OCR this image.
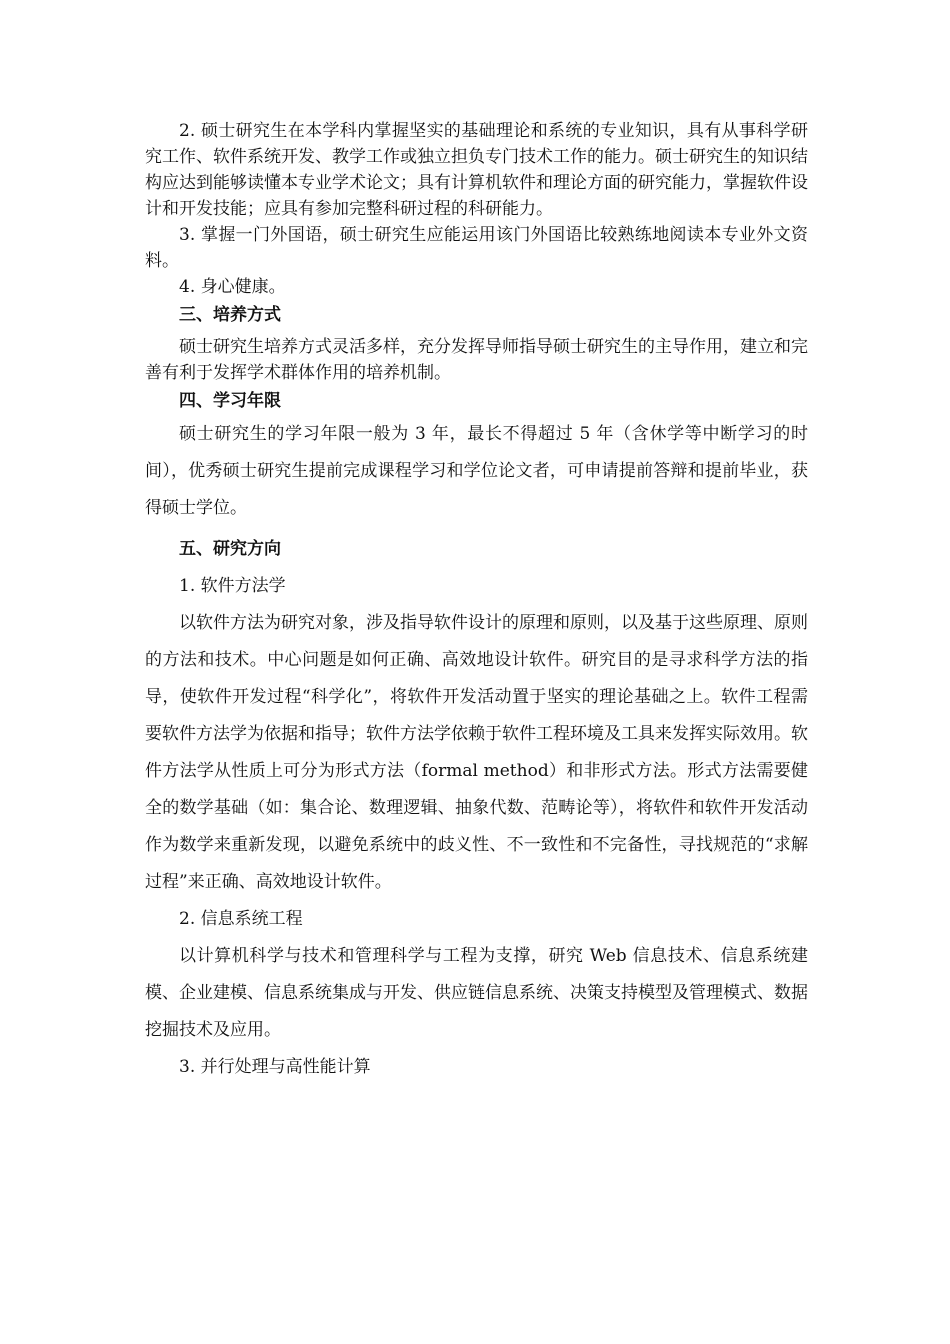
2. 硕士研究生在本学科内掌握坚实的基础理论和系统的专业知识，具有从事科学研究工作、软件系统开发、教学工作或独立担负专门技术工作的能力。硕士研究生的知识结构应达到能够读懂本专业学术论文；具有计算机软件和理论方面的研究能力，掌握软件设计和开发技能；应具有参加完整科研过程的科研能力。

3. 掌握一门外国语，硕士研究生应能运用该门外国语比较熟练地阅读本专业外文资料。

4. 身心健康。

三、培养方式

硕士研究生培养方式灵活多样，充分发挥导师指导硕士研究生的主导作用，建立和完善有利于发挥学术群体作用的培养机制。

四、学习年限

硕士研究生的学习年限一般为 3 年，最长不得超过 5 年（含休学等中断学习的时间），优秀硕士研究生提前完成课程学习和学位论文者，可申请提前答辩和提前毕业，获得硕士学位。

五、研究方向

1. 软件方法学

以软件方法为研究对象，涉及指导软件设计的原理和原则，以及基于这些原理、原则的方法和技术。中心问题是如何正确、高效地设计软件。研究目的是寻求科学方法的指导，使软件开发过程“科学化”，将软件开发活动置于坚实的理论基础之上。软件工程需要软件方法学为依据和指导；软件方法学依赖于软件工程环境及工具来发挥实际效用。软件方法学从性质上可分为形式方法（formal method）和非形式方法。形式方法需要健全的数学基础（如：集合论、数理逻辑、抽象代数、范畴论等），将软件和软件开发活动作为数学来重新发现，以避免系统中的歧义性、不一致性和不完备性，寻找规范的“求解过程”来正确、高效地设计软件。

2. 信息系统工程

以计算机科学与技术和管理科学与工程为支撑，研究 Web 信息技术、信息系统建模、企业建模、信息系统集成与开发、供应链信息系统、决策支持模型及管理模式、数据挖掘技术及应用。

3. 并行处理与高性能计算
